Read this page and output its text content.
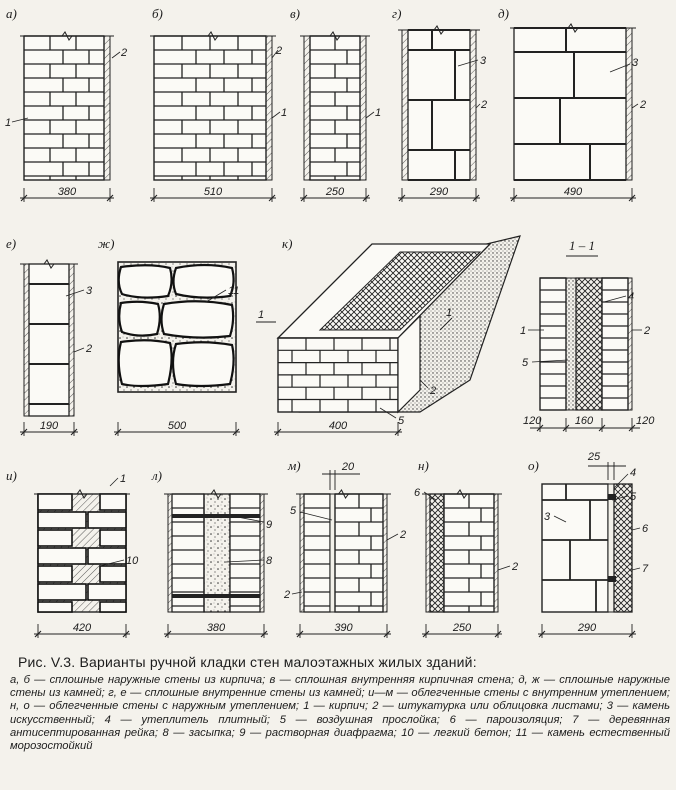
а)
2
1
380
б)
2
1
510
в)
1
250
г)
3
2
290
д)
3
2
490
е)
3
2
190
ж)
11
500
к)
1	1
2
5
400
1 – 1
4
1	2
5
120	160	120
и)	1
10
420
л)
9
8
380
м)	20
5
2
2
390
н)
6
2
250
о)
25
4
5
3
6
7
290

Рис. V.3. Варианты ручной кладки стен малоэтажных жилых зданий:

а, б — сплошные наружные стены из кирпича; в — сплошная внутренняя кирпичная стена; д, ж — сплошные наружные стены из камней; г, е — сплошные внутренние стены из камней; и—м — облегченные стены с внутренним утеплением; н, о — облегченные стены с наружным утеплением; 1 — кирпич; 2 — штукатурка или облицовка листами; 3 — камень искусственный; 4 — утеплитель плитный; 5 — воздушная прослойка; 6 — пароизоляция; 7 — деревянная антисептированная рейка; 8 — засыпка; 9 — растворная диафрагма; 10 — легкий бетон; 11 — камень естественный морозостойкий
